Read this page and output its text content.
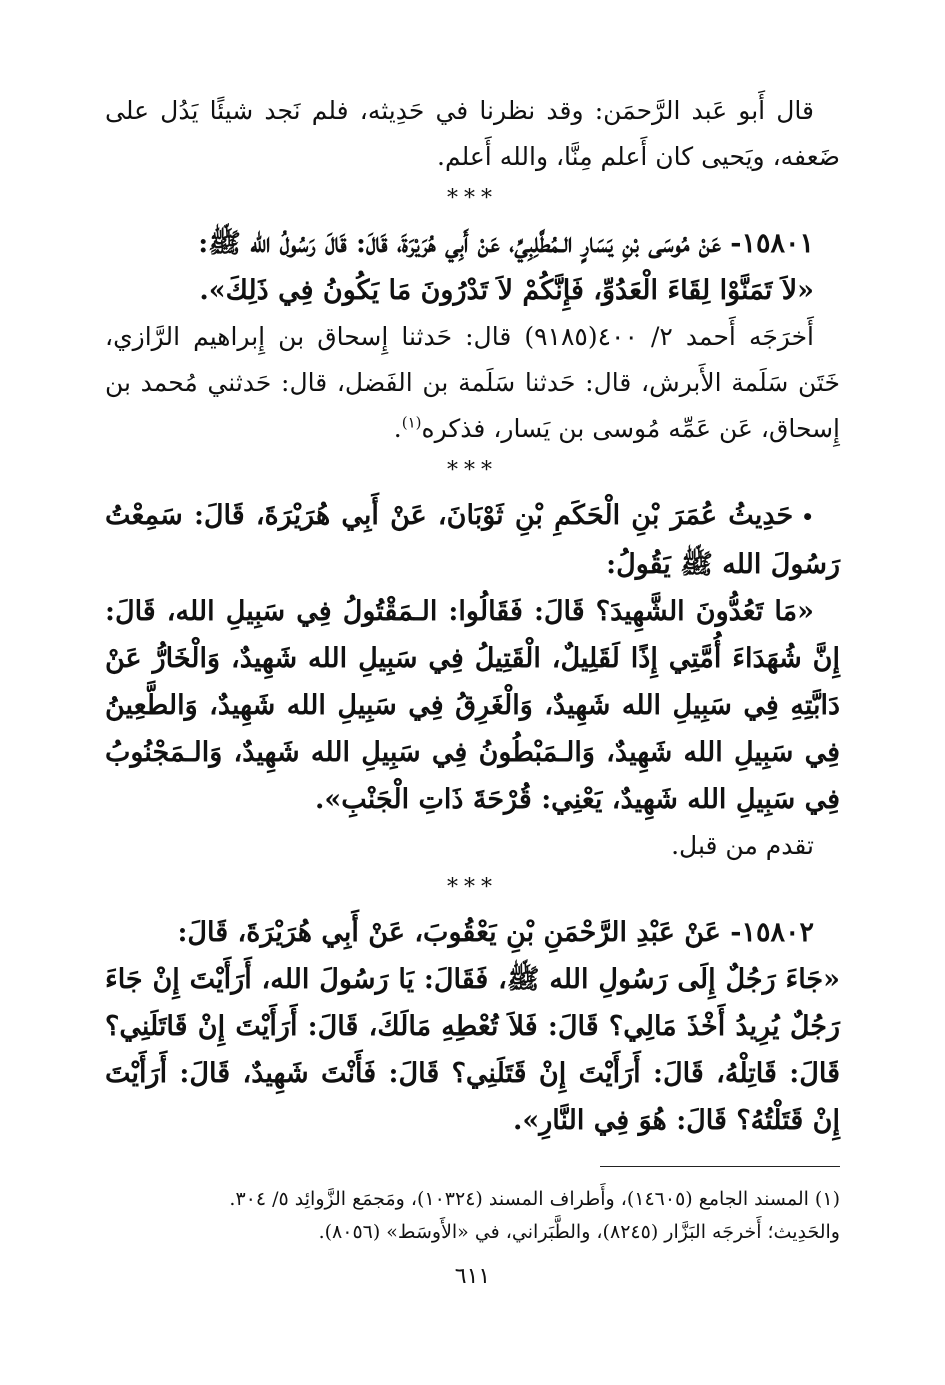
قال أَبو عَبد الرَّحمَن: وقد نظرنا في حَدِيثه، فلم نَجد شيئًا يَدُل على ضَعفه، ويَحيى كان أَعلم مِنَّا، والله أَعلم.

***

١٥٨٠١- عَنْ مُوسَى بْنِ يَسَارٍ الـمُطَّلِبِيِّ، عَنْ أَبِي هُرَيْرَةَ، قَالَ: قَالَ رَسُولُ الله ﷺ:

«لاَ تَمَنَّوْا لِقَاءَ الْعَدُوِّ، فَإِنَّكُمْ لاَ تَدْرُونَ مَا يَكُونُ فِي ذَلِكَ».

أَخرَجَه أَحمد ٢/ ٤٠٠(٩١٨٥) قال: حَدثنا إِسحاق بن إِبراهيم الرَّازي، خَتَن سَلَمة الأَبرش، قال: حَدثنا سَلَمة بن الفَضل، قال: حَدثني مُحمد بن إِسحاق، عَن عَمِّه مُوسى بن يَسار، فذكره$^{(١)}$.

***

•حَدِيثُ عُمَرَ بْنِ الْحَكَمِ بْنِ ثَوْبَانَ، عَنْ أَبِي هُرَيْرَةَ، قَالَ: سَمِعْتُ رَسُولَ الله ﷺ يَقُولُ:

«مَا تَعُدُّونَ الشَّهِيدَ؟ قَالَ: فَقَالُوا: الـمَقْتُولُ فِي سَبِيلِ الله، قَالَ: إِنَّ شُهَدَاءَ أُمَّتِي إِذًا لَقَلِيلٌ، الْقَتِيلُ فِي سَبِيلِ الله شَهِيدٌ، وَالْخَارُّ عَنْ دَابَّتِهِ فِي سَبِيلِ الله شَهِيدٌ، وَالْغَرِقُ فِي سَبِيلِ الله شَهِيدٌ، وَالطَّعِينُ فِي سَبِيلِ الله شَهِيدٌ، وَالـمَبْطُونُ فِي سَبِيلِ الله شَهِيدٌ، وَالـمَجْنُوبُ فِي سَبِيلِ الله شَهِيدٌ، يَعْنِي: قُرْحَةَ ذَاتِ الْجَنْبِ».

تقدم من قبل.

***

١٥٨٠٢- عَنْ عَبْدِ الرَّحْمَنِ بْنِ يَعْقُوبَ، عَنْ أَبِي هُرَيْرَةَ، قَالَ:

«جَاءَ رَجُلٌ إِلَى رَسُولِ الله ﷺ، فَقَالَ: يَا رَسُولَ الله، أَرَأَيْتَ إِنْ جَاءَ رَجُلٌ يُرِيدُ أَخْذَ مَالِي؟ قَالَ: فَلاَ تُعْطِهِ مَالَكَ، قَالَ: أَرَأَيْتَ إِنْ قَاتَلَنِي؟ قَالَ: قَاتِلْهُ، قَالَ: أَرَأَيْتَ إِنْ قَتَلَنِي؟ قَالَ: فَأَنْتَ شَهِيدٌ، قَالَ: أَرَأَيْتَ إِنْ قَتَلْتُهُ؟ قَالَ: هُوَ فِي النَّارِ».

(١) المسند الجامع (١٤٦٠٥)، وأَطراف المسند (١٠٣٢٤)، ومَجمَع الزَّوائِد ٥/ ٣٠٤.

والحَدِيث؛ أَخرجَه البَزَّار (٨٢٤٥)، والطَّبَراني، في «الأَوسَط» (٨٠٥٦).

٦١١
